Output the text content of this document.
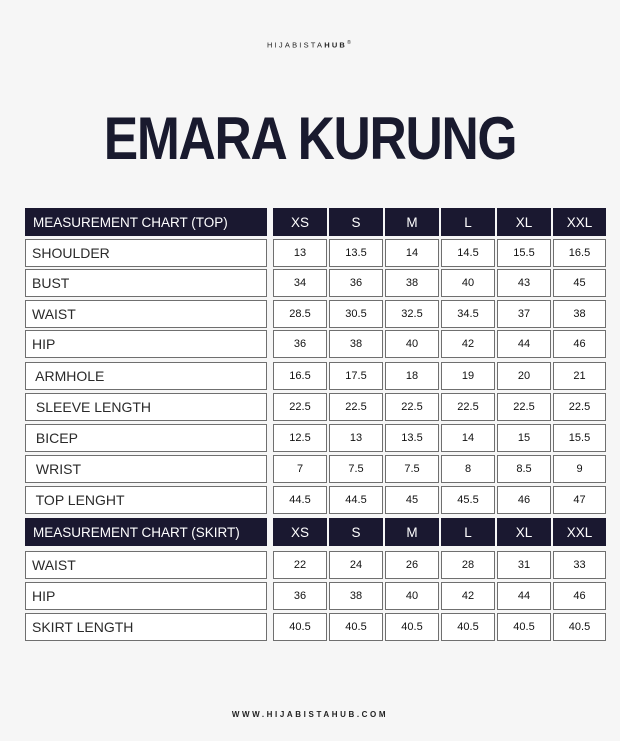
HIJABISTAHUB®
EMARA KURUNG
MEASUREMENT CHART (TOP)	XS	S	M	L	XL	XXL
SHOULDER	13	13.5	14	14.5	15.5	16.5
BUST	34	36	38	40	43	45
WAIST	28.5	30.5	32.5	34.5	37	38
HIP	36	38	40	42	44	46
ARMHOLE	16.5	17.5	18	19	20	21
SLEEVE LENGTH	22.5	22.5	22.5	22.5	22.5	22.5
BICEP	12.5	13	13.5	14	15	15.5
WRIST	7	7.5	7.5	8	8.5	9
TOP LENGHT	44.5	44.5	45	45.5	46	47
MEASUREMENT CHART (SKIRT)	XS	S	M	L	XL	XXL
WAIST	22	24	26	28	31	33
HIP	36	38	40	42	44	46
SKIRT LENGTH	40.5	40.5	40.5	40.5	40.5	40.5
WWW.HIJABISTAHUB.COM
